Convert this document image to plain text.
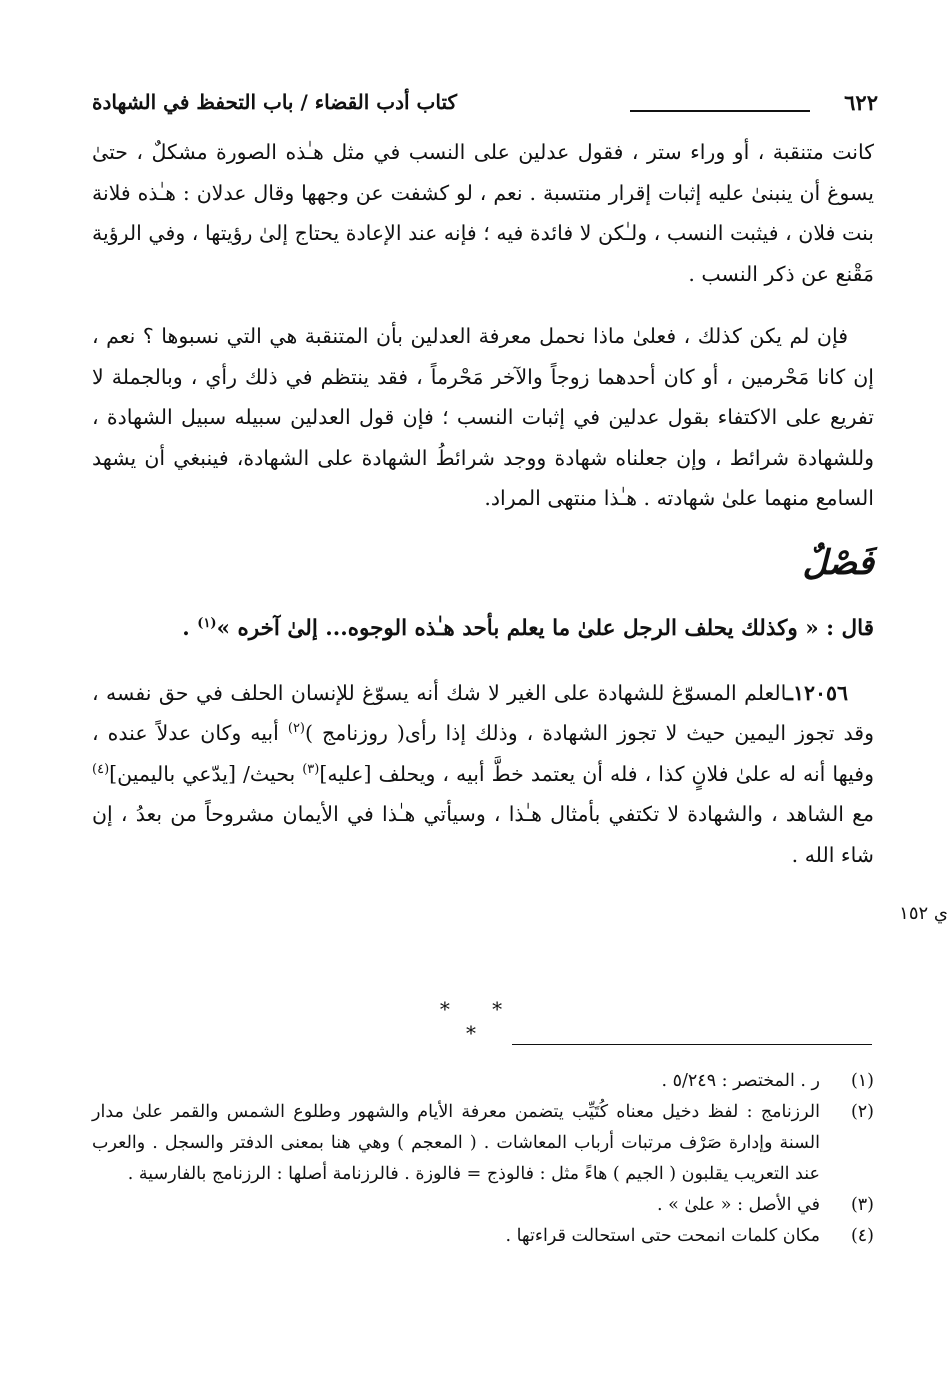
٦٢٢
كتاب أدب القضاء / باب التحفظ في الشهادة

كانت متنقبة ، أو وراء ستر ، فقول عدلين على النسب في مثل هـٰذه الصورة مشكلٌ ، حتىٰ يسوغ أن ينبنىٰ عليه إثبات إقرار منتسبة . نعم ، لو كشفت عن وجهها وقال عدلان : هـٰذه فلانة بنت فلان ، فيثبت النسب ، ولـٰكن لا فائدة فيه ؛ فإنه عند الإعادة يحتاج إلىٰ رؤيتها ، وفي الرؤية مَقْنع عن ذكر النسب .

فإن لم يكن كذلك ، فعلىٰ ماذا نحمل معرفة العدلين بأن المتنقبة هي التي نسبوها ؟ نعم ، إن كانا مَحْرمين ، أو كان أحدهما زوجاً والآخر مَحْرماً ، فقد ينتظم في ذلك رأي ، وبالجملة لا تفريع على الاكتفاء بقول عدلين في إثبات النسب ؛ فإن قول العدلين سبيله سبيل الشهادة ، وللشهادة شرائط ، وإن جعلناه شهادة ووجد شرائطُ الشهادة على الشهادة، فينبغي أن يشهد السامع منهما علىٰ شهادته . هـٰذا منتهى المراد.

فَصْلٌ

قال : « وكذلك يحلف الرجل علىٰ ما يعلم بأحد هـٰذه الوجوه... إلىٰ آخره »$^{(١)}$ .

١٢٠٥٦ـالعلم المسوّغ للشهادة على الغير لا شك أنه يسوّغ للإنسان الحلف في حق نفسه ، وقد تجوز اليمين حيث لا تجوز الشهادة ، وذلك إذا رأى( روزنامج )$^{(٢)}$ أبيه وكان عدلاً عنده ، وفيها أنه له علىٰ فلانٍ كذا ، فله أن يعتمد خطَّ أبيه ، ويحلف [عليه]$^{(٣)}$ بحيث/ [يدّعي باليمين]$^{(٤)}$ مع الشاهد ، والشهادة لا تكتفي بأمثال هـٰذا ، وسيأتي هـٰذا في الأيمان مشروحاً من بعدُ ، إن شاء الله .

ي ١٥٢
* * *
(١)
ر . المختصر : ٥/٢٤٩ .
(٢)
الرزنامج : لفظ دخيل معناه كُتَيِّب يتضمن معرفة الأيام والشهور وطلوع الشمس والقمر علىٰ مدار السنة وإدارة صَرْف مرتبات أرباب المعاشات . ( المعجم ) وهي هنا بمعنى الدفتر والسجل . والعرب عند التعريب يقلبون ( الجيم ) هاءً مثل : فالوذج = فالوزة . فالرزنامة أصلها : الرزنامج بالفارسية .
(٣)
في الأصل : « علىٰ » .
(٤)
مكان كلمات انمحت حتى استحالت قراءتها .
